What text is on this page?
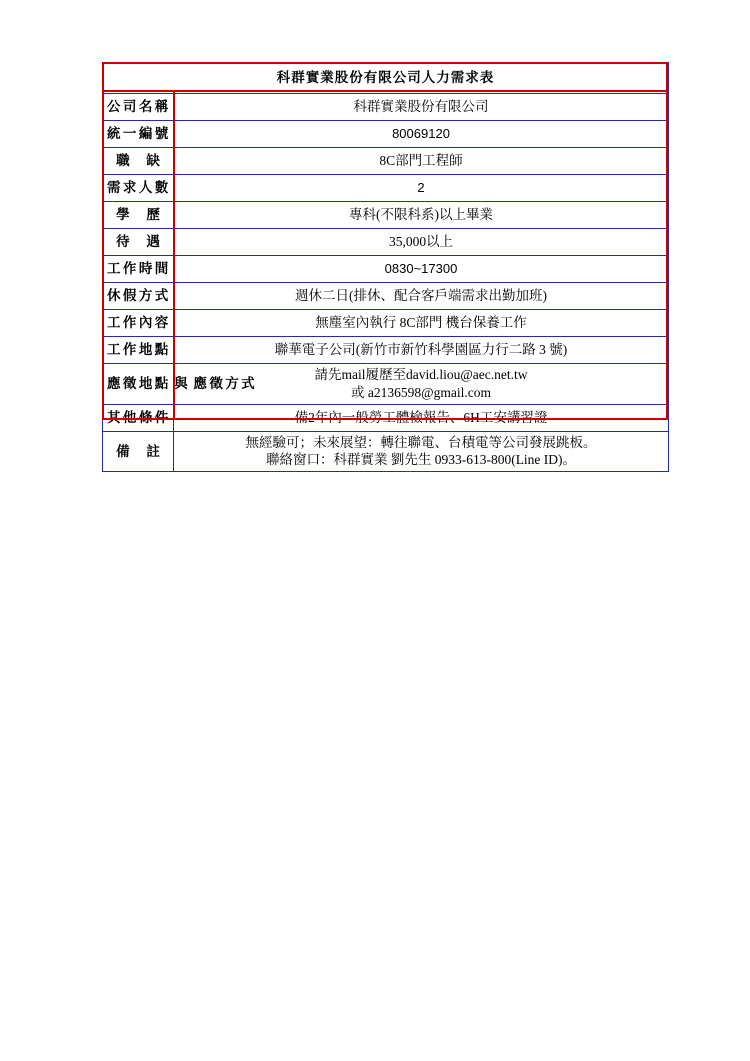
科群實業股份有限公司人力需求表	
公司名稱	科群實業股份有限公司
統一編號	80069120
職 缺	8C部門工程師
需求人數	2
學 歷	專科(不限科系)以上畢業
待 遇	35,000以上
工作時間	0830~17300
休假方式	週休二日(排休、配合客戶端需求出勤加班)
工作內容	無塵室內執行 8C部門 機台保養工作
工作地點	聯華電子公司(新竹市新竹科學園區力行二路 3 號)

應徵地點 與 應徵方式	請先mail履歷至david.liou@aec.net.tw
或 a2136598@gmail.com

其他條件	備2年內一般勞工體檢報告、6H工安講習證
備 註	無經驗可；未來展望：轉往聯電、台積電等公司發展跳板。
聯絡窗口：科群實業 劉先生 0933-613-800(Line ID)。
